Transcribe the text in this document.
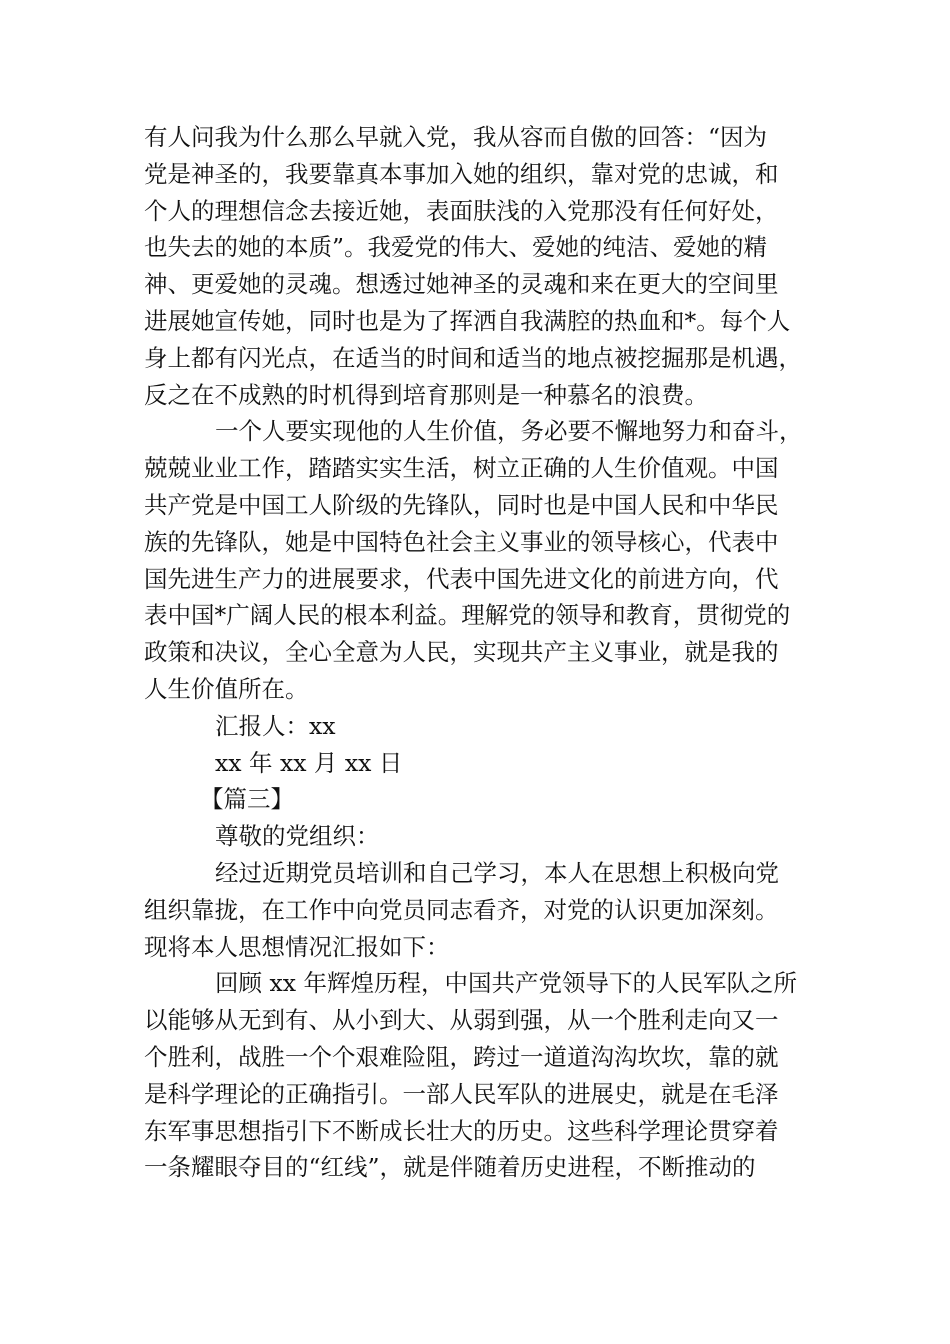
有人问我为什么那么早就入党，我从容而自傲的回答：“因为
党是神圣的，我要靠真本事加入她的组织，靠对党的忠诚，和
个人的理想信念去接近她，表面肤浅的入党那没有任何好处，
也失去的她的本质”。我爱党的伟大、爱她的纯洁、爱她的精
神、更爱她的灵魂。想透过她神圣的灵魂和来在更大的空间里
进展她宣传她，同时也是为了挥洒自我满腔的热血和*。每个人
身上都有闪光点，在适当的时间和适当的地点被挖掘那是机遇，
反之在不成熟的时机得到培育那则是一种慕名的浪费。
一个人要实现他的人生价值，务必要不懈地努力和奋斗，
兢兢业业工作，踏踏实实生活，树立正确的人生价值观。中国
共产党是中国工人阶级的先锋队，同时也是中国人民和中华民
族的先锋队，她是中国特色社会主义事业的领导核心，代表中
国先进生产力的进展要求，代表中国先进文化的前进方向，代
表中国*广阔人民的根本利益。理解党的领导和教育，贯彻党的
政策和决议，全心全意为人民，实现共产主义事业，就是我的
人生价值所在。
汇报人：xx
xx 年 xx 月 xx 日
【篇三】
尊敬的党组织：
经过近期党员培训和自己学习，本人在思想上积极向党
组织靠拢，在工作中向党员同志看齐，对党的认识更加深刻。
现将本人思想情况汇报如下：
回顾 xx 年辉煌历程，中国共产党领导下的人民军队之所
以能够从无到有、从小到大、从弱到强，从一个胜利走向又一
个胜利，战胜一个个艰难险阻，跨过一道道沟沟坎坎，靠的就
是科学理论的正确指引。一部人民军队的进展史，就是在毛泽
东军事思想指引下不断成长壮大的历史。这些科学理论贯穿着
一条耀眼夺目的“红线”，就是伴随着历史进程，不断推动的
